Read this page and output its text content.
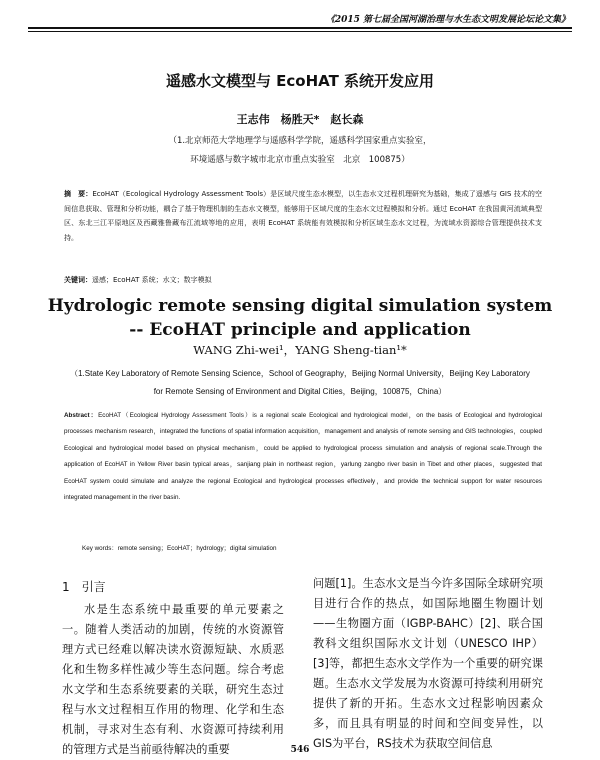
《2015 第七届全国河湖治理与水生态文明发展论坛论文集》
遥感水文模型与 EcoHAT 系统开发应用
王志伟　杨胜天*　赵长森
（1.北京师范大学地理学与遥感科学学院，遥感科学国家重点实验室，
环境遥感与数字城市北京市重点实验室　北京　100875）
摘　要：EcoHAT（Ecological Hydrology Assessment Tools）是区域尺度生态水模型，以生态水文过程机理研究为基础，集成了遥感与 GIS 技术的空间信息获取、管理和分析功能，耦合了基于物理机制的生态水文模型，能够用于区域尺度的生态水文过程模拟和分析。通过 EcoHAT 在我国黄河流域典型区、东北三江平原地区及西藏雅鲁藏布江流域等地的应用，表明 EcoHAT 系统能有效模拟和分析区域生态水文过程，为流域水资源综合管理提供技术支持。
关键词：遥感；EcoHAT 系统；水文；数字模拟
Hydrologic remote sensing digital simulation system
-- EcoHAT principle and application
WANG Zhi-wei¹，YANG Sheng-tian¹*
（1.State Key Laboratory of Remote Sensing Science，School of Geography，Beijing Normal University，Beijing Key Laboratory
for Remote Sensing of Environment and Digital Cities，Beijing，100875，China）
Abstract：EcoHAT（Ecological Hydrology Assessment Tools）is a regional scale Ecological and hydrological model，on the basis of Ecological and hydrological processes mechanism research，integrated the functions of spatial information acquisition，management and analysis of remote sensing and GIS technologies，coupled Ecological and hydrological model based on physical mechanism，could be applied to hydrological process simulation and analysis of regional scale.Through the application of EcoHAT in Yellow River basin typical areas，sanjiang plain in northeast region，yarlung zangbo river basin in Tibet and other places，suggested that EcoHAT system could simulate and analyze the regional Ecological and hydrological processes effectively，and provide the technical support for water resources integrated management in the river basin.
Key words：remote sensing；EcoHAT；hydrology；digital simulation
1　引言
水是生态系统中最重要的单元要素之一。随着人类活动的加剧，传统的水资源管理方式已经难以解决读水资源短缺、水质恶化和生物多样性减少等生态问题。综合考虑水文学和生态系统要素的关联，研究生态过程与水文过程相互作用的物理、化学和生态机制，寻求对生态有利、水资源可持续利用的管理方式是当前亟待解决的重要
问题[1]。生态水文是当今许多国际全球研究项目进行合作的热点，如国际地圈生物圈计划——生物圈方面（IGBP-BAHC）[2]、联合国教科文组织国际水文计划（UNESCO IHP）[3]等，都把生态水文学作为一个重要的研究课题。生态水文学发展为水资源可持续利用研究提供了新的开拓。生态水文过程影响因素众多，而且具有明显的时间和空间变异性，以GIS为平台，RS技术为获取空间信息
546
